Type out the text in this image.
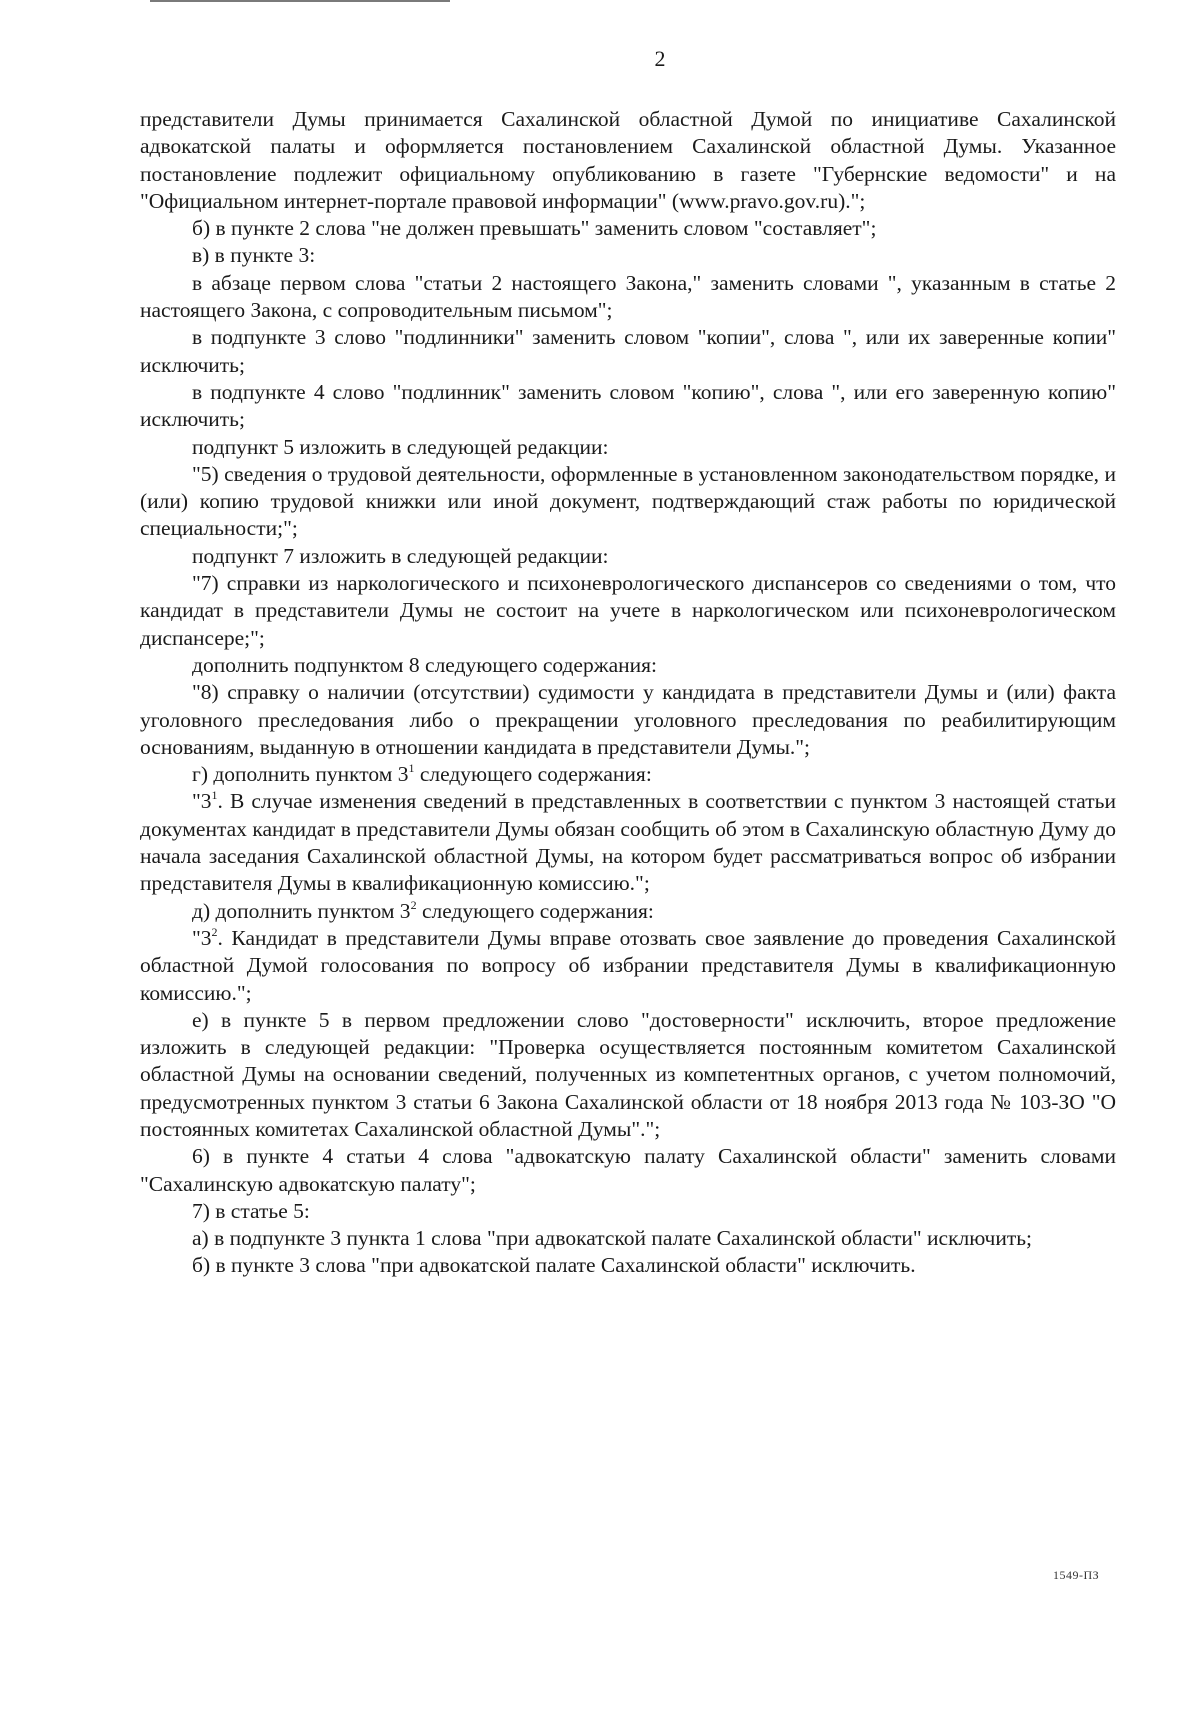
2

представители Думы принимается Сахалинской областной Думой по инициативе Сахалинской адвокатской палаты и оформляется постановлением Сахалинской областной Думы. Указанное постановление подлежит официальному опубликованию в газете "Губернские ведомости" и на "Официальном интернет-портале правовой информации" (www.pravo.gov.ru).";

б) в пункте 2 слова "не должен превышать" заменить словом "составляет";

в) в пункте 3:

в абзаце первом слова "статьи 2 настоящего Закона," заменить словами ", указанным в статье 2 настоящего Закона, с сопроводительным письмом";

в подпункте 3 слово "подлинники" заменить словом "копии", слова ", или их заверенные копии" исключить;

в подпункте 4 слово "подлинник" заменить словом "копию", слова ", или его заверенную копию" исключить;

подпункт 5 изложить в следующей редакции:

"5) сведения о трудовой деятельности, оформленные в установленном законодательством порядке, и (или) копию трудовой книжки или иной документ, подтверждающий стаж работы по юридической специальности;";

подпункт 7 изложить в следующей редакции:

"7) справки из наркологического и психоневрологического диспансеров со сведениями о том, что кандидат в представители Думы не состоит на учете в наркологическом или психоневрологическом диспансере;";

дополнить подпунктом 8 следующего содержания:

"8) справку о наличии (отсутствии) судимости у кандидата в представители Думы и (или) факта уголовного преследования либо о прекращении уголовного преследования по реабилитирующим основаниям, выданную в отношении кандидата в представители Думы.";

г) дополнить пунктом $3^1$ следующего содержания:

"$3^1$. В случае изменения сведений в представленных в соответствии с пунктом 3 настоящей статьи документах кандидат в представители Думы обязан сообщить об этом в Сахалинскую областную Думу до начала заседания Сахалинской областной Думы, на котором будет рассматриваться вопрос об избрании представителя Думы в квалификационную комиссию.";

д) дополнить пунктом $3^2$ следующего содержания:

"$3^2$. Кандидат в представители Думы вправе отозвать свое заявление до проведения Сахалинской областной Думой голосования по вопросу об избрании представителя Думы в квалификационную комиссию.";

е) в пункте 5 в первом предложении слово "достоверности" исключить, второе предложение изложить в следующей редакции: "Проверка осуществляется постоянным комитетом Сахалинской областной Думы на основании сведений, полученных из компетентных органов, с учетом полномочий, предусмотренных пунктом 3 статьи 6 Закона Сахалинской области от 18 ноября 2013 года № 103-ЗО "О постоянных комитетах Сахалинской областной Думы".";

6) в пункте 4 статьи 4 слова "адвокатскую палату Сахалинской области" заменить словами "Сахалинскую адвокатскую палату";

7) в статье 5:

а) в подпункте 3 пункта 1 слова "при адвокатской палате Сахалинской области" исключить;

б) в пункте 3 слова "при адвокатской палате Сахалинской области" исключить.

1549-ПЗ
